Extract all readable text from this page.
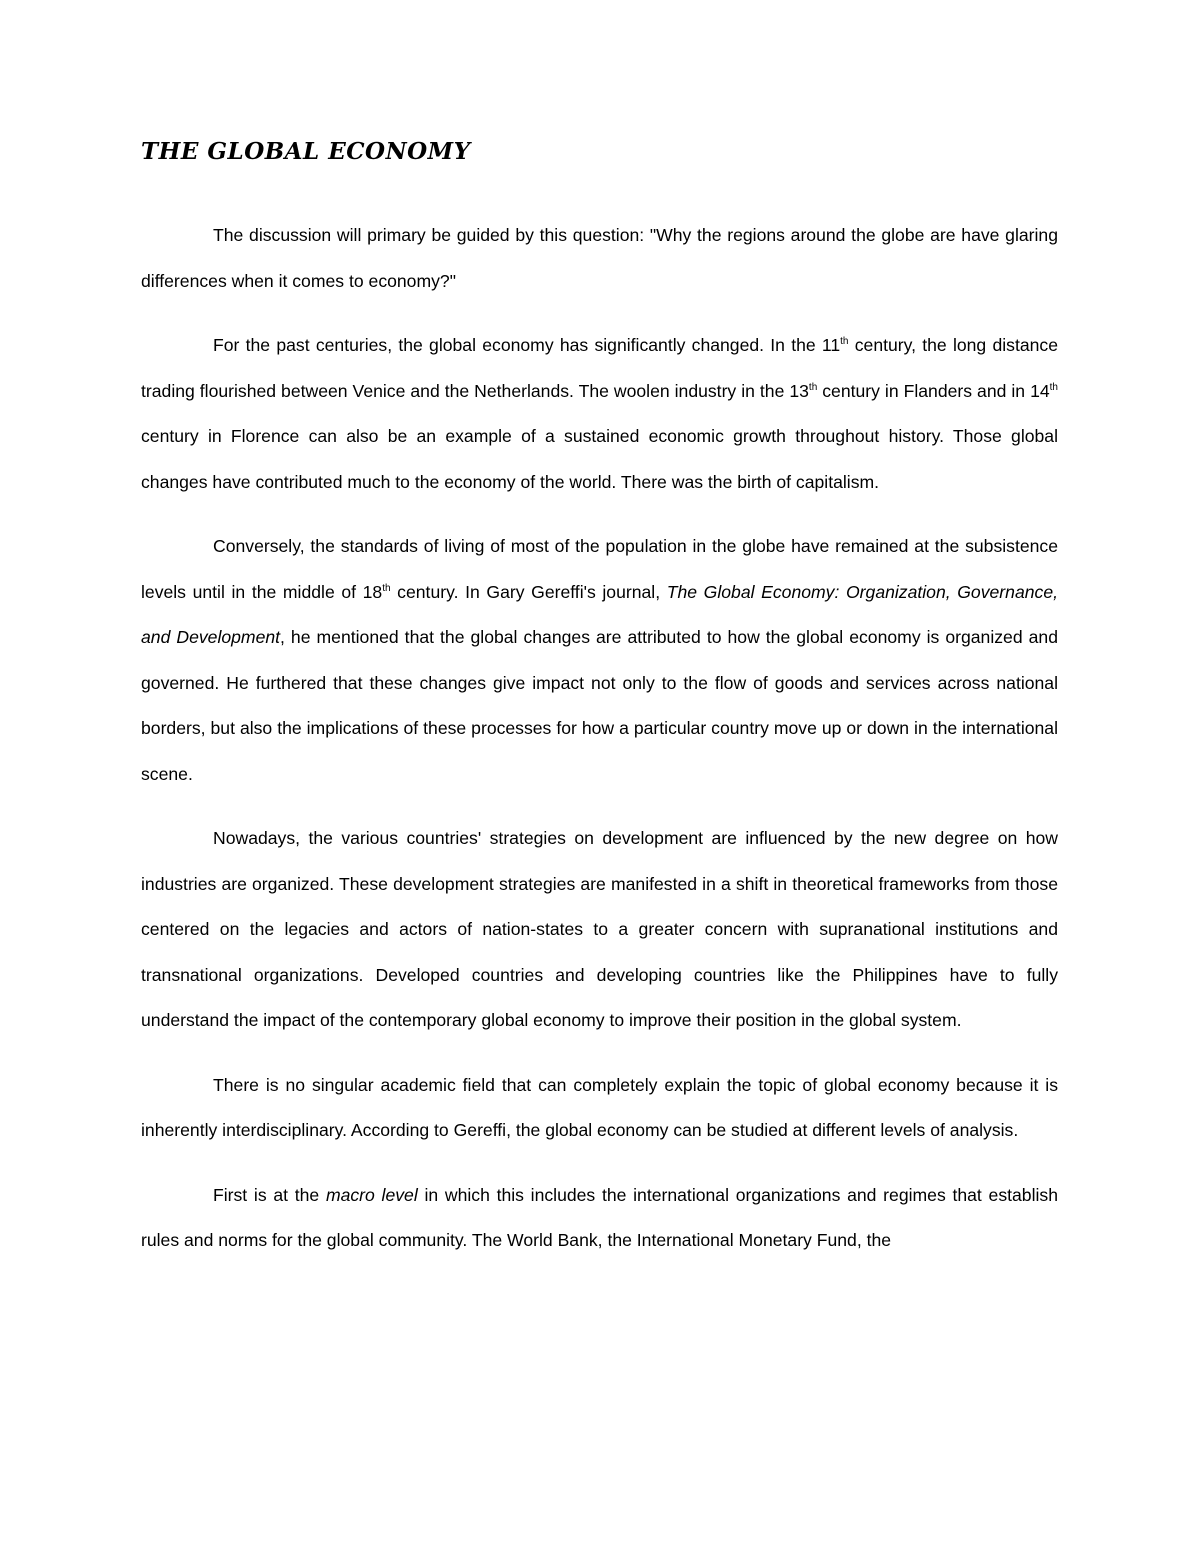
THE GLOBAL ECONOMY

The discussion will primary be guided by this question: "Why the regions around the globe are have glaring differences when it comes to economy?"

For the past centuries, the global economy has significantly changed. In the 11th century, the long distance trading flourished between Venice and the Netherlands. The woolen industry in the 13th century in Flanders and in 14th century in Florence can also be an example of a sustained economic growth throughout history. Those global changes have contributed much to the economy of the world. There was the birth of capitalism.

Conversely, the standards of living of most of the population in the globe have remained at the subsistence levels until in the middle of 18th century. In Gary Gereffi's journal, The Global Economy: Organization, Governance, and Development, he mentioned that the global changes are attributed to how the global economy is organized and governed. He furthered that these changes give impact not only to the flow of goods and services across national borders, but also the implications of these processes for how a particular country move up or down in the international scene.

Nowadays, the various countries' strategies on development are influenced by the new degree on how industries are organized. These development strategies are manifested in a shift in theoretical frameworks from those centered on the legacies and actors of nation-states to a greater concern with supranational institutions and transnational organizations. Developed countries and developing countries like the Philippines have to fully understand the impact of the contemporary global economy to improve their position in the global system.

There is no singular academic field that can completely explain the topic of global economy because it is inherently interdisciplinary. According to Gereffi, the global economy can be studied at different levels of analysis.

First is at the macro level in which this includes the international organizations and regimes that establish rules and norms for the global community. The World Bank, the International Monetary Fund, the
